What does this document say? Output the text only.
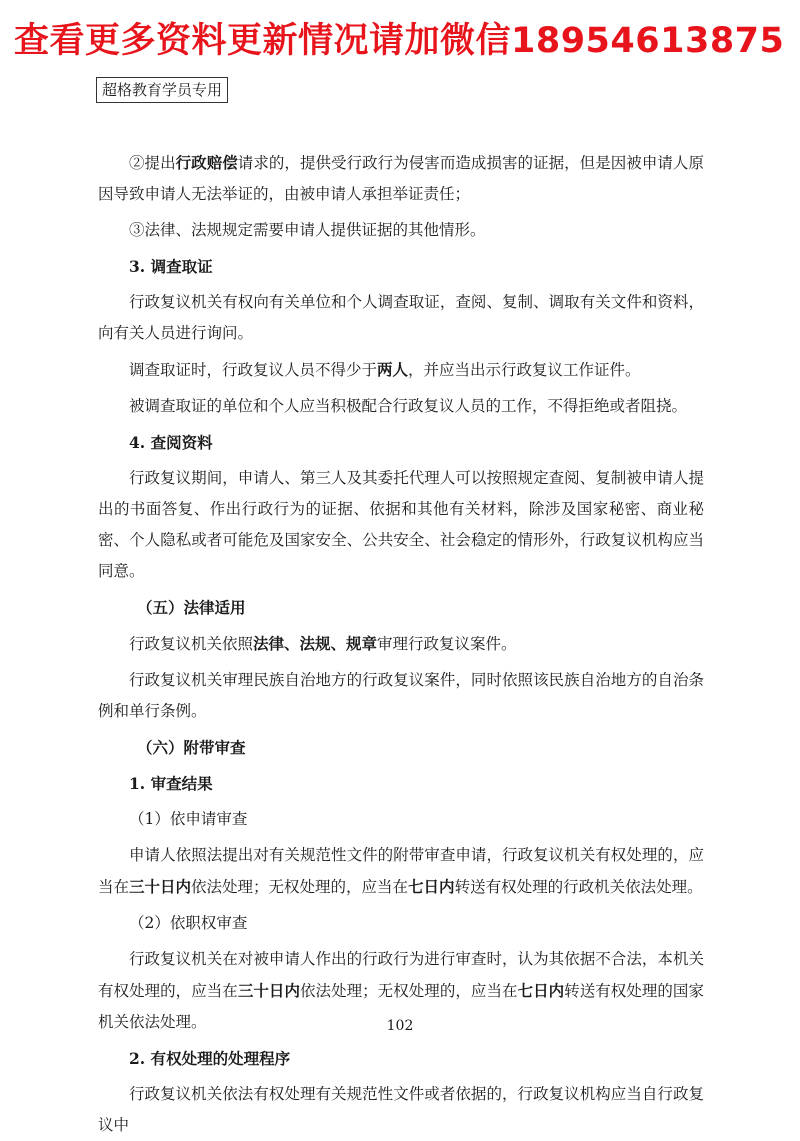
查看更多资料更新情况请加微信18954613875
超格教育学员专用

②提出行政赔偿请求的，提供受行政行为侵害而造成损害的证据，但是因被申请人原因导致申请人无法举证的，由被申请人承担举证责任；

③法律、法规规定需要申请人提供证据的其他情形。

3. 调查取证

行政复议机关有权向有关单位和个人调查取证，查阅、复制、调取有关文件和资料，向有关人员进行询问。

调查取证时，行政复议人员不得少于两人，并应当出示行政复议工作证件。

被调查取证的单位和个人应当积极配合行政复议人员的工作，不得拒绝或者阻挠。

4. 查阅资料

行政复议期间，申请人、第三人及其委托代理人可以按照规定查阅、复制被申请人提出的书面答复、作出行政行为的证据、依据和其他有关材料，除涉及国家秘密、商业秘密、个人隐私或者可能危及国家安全、公共安全、社会稳定的情形外，行政复议机构应当同意。

（五）法律适用

行政复议机关依照法律、法规、规章审理行政复议案件。

行政复议机关审理民族自治地方的行政复议案件，同时依照该民族自治地方的自治条例和单行条例。

（六）附带审查

1. 审查结果

（1）依申请审查

申请人依照法提出对有关规范性文件的附带审查申请，行政复议机关有权处理的，应当在三十日内依法处理；无权处理的，应当在七日内转送有权处理的行政机关依法处理。

（2）依职权审查

行政复议机关在对被申请人作出的行政行为进行审查时，认为其依据不合法，本机关有权处理的，应当在三十日内依法处理；无权处理的，应当在七日内转送有权处理的国家机关依法处理。

2. 有权处理的处理程序

行政复议机关依法有权处理有关规范性文件或者依据的，行政复议机构应当自行政复议中

102
